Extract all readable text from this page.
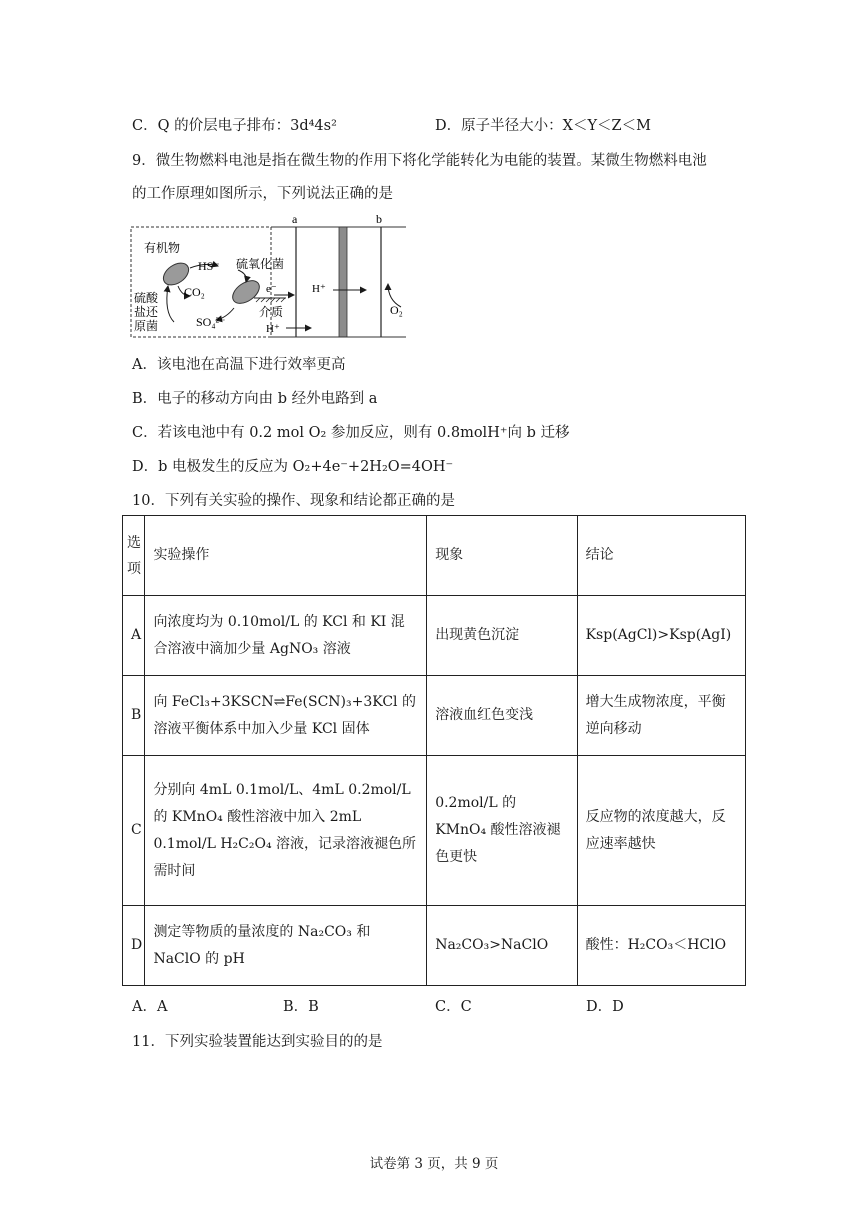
C．Q 的价层电子排布：3d⁴4s²	D．原子半径大小：X＜Y＜Z＜M
9．微生物燃料电池是指在微生物的作用下将化学能转化为电能的装置。某微生物燃料电池
的工作原理如图所示，下列说法正确的是
a	b
有机物
HS⁻
CO₂
硫酸
盐还
原菌	SO₄²⁻
硫氧化菌
e⁻
介质
H⁺
H⁺
O₂
A．该电池在高温下进行效率更高
B．电子的移动方向由 b 经外电路到 a
C．若该电池中有 0.2 mol O₂ 参加反应，则有 0.8molH⁺向 b 迁移
D．b 电极发生的反应为 O₂+4e⁻+2H₂O=4OH⁻
10．下列有关实验的操作、现象和结论都正确的是
选项	实验操作	现象	结论
A	向浓度均为 0.10mol/L 的 KCl 和 KI 混合溶液中滴加少量 AgNO₃ 溶液	出现黄色沉淀	Ksp(AgCl)>Ksp(AgI)
B	向 FeCl₃+3KSCN⇌Fe(SCN)₃+3KCl 的溶液平衡体系中加入少量 KCl 固体	溶液血红色变浅	增大生成物浓度，平衡逆向移动
C	分别向 4mL 0.1mol/L、4mL 0.2mol/L 的 KMnO₄ 酸性溶液中加入 2mL 0.1mol/L H₂C₂O₄ 溶液，记录溶液褪色所需时间	0.2mol/L 的 KMnO₄ 酸性溶液褪色更快	反应物的浓度越大，反应速率越快
D	测定等物质的量浓度的 Na₂CO₃ 和 NaClO 的 pH	Na₂CO₃>NaClO	酸性：H₂CO₃＜HClO
A．A	B．B	C．C	D．D
11．下列实验装置能达到实验目的的是
试卷第 3 页，共 9 页
